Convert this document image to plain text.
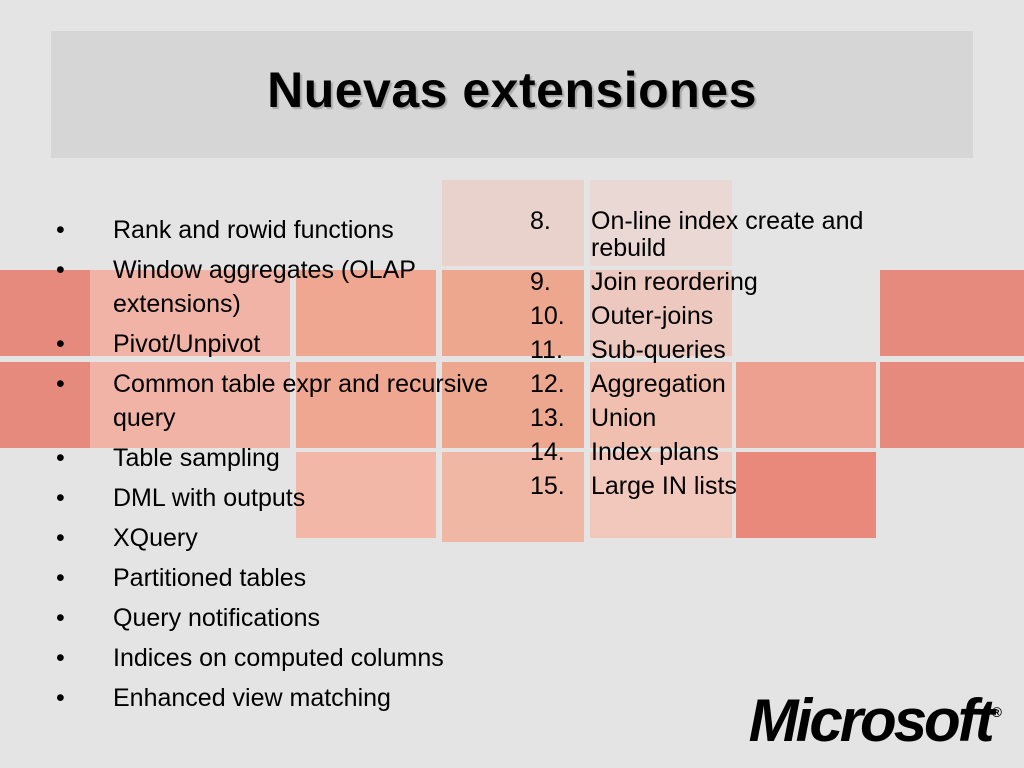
Nuevas extensiones
• Rank and rowid functions
• Window aggregates (OLAP extensions)
• Pivot/Unpivot
• Common table expr and recursive query
• Table sampling
• DML with outputs
• XQuery
• Partitioned tables
• Query notifications
• Indices on computed columns
• Enhanced view matching
8. On-line index create and rebuild
9. Join reordering
10. Outer-joins
11. Sub-queries
12. Aggregation
13. Union
14. Index plans
15. Large IN lists
Microsoft®
